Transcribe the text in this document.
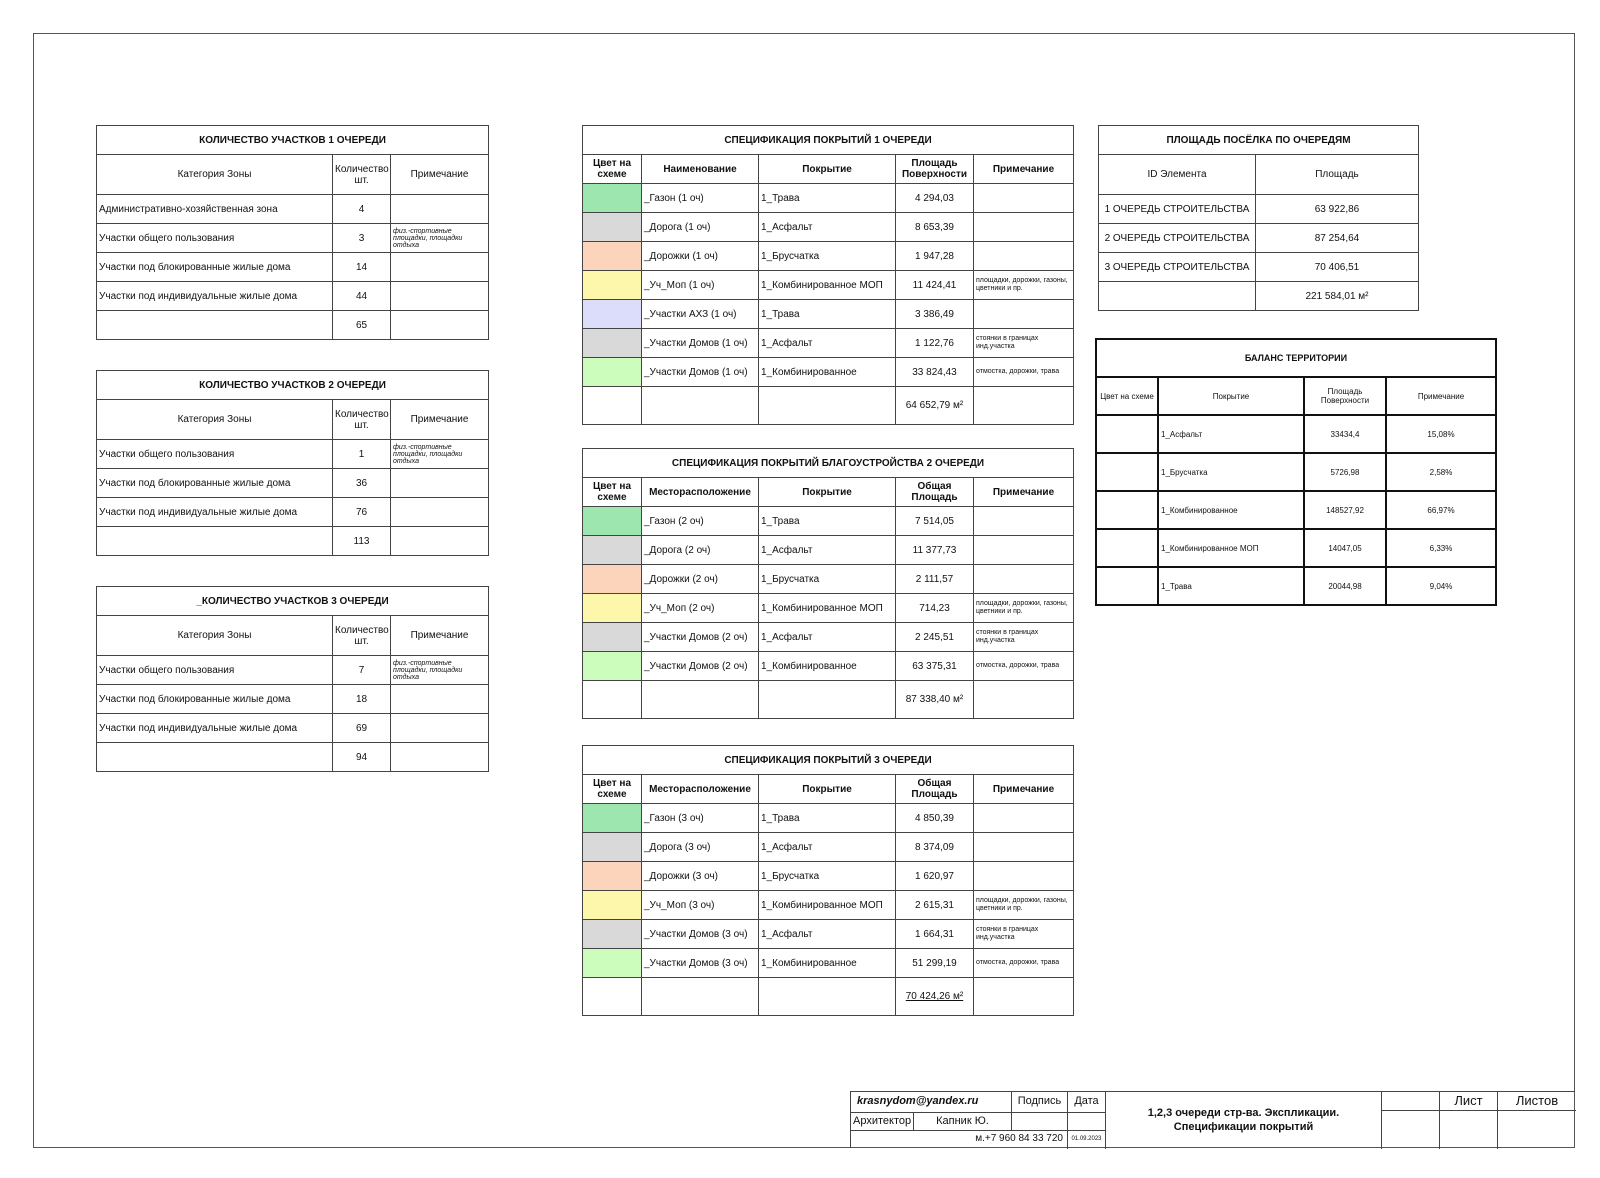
КОЛИЧЕСТВО УЧАСТКОВ 1 ОЧЕРЕДИ		
Категория Зоны	Количество шт.	Примечание
Административно-хозяйственная зона	4	
Участки общего пользования	3	физ.-спортивные площадки, площадки отдыха
Участки под блокированные жилые дома	14	
Участки под индивидуальные жилые дома	44	
	65	
КОЛИЧЕСТВО УЧАСТКОВ 2 ОЧЕРЕДИ		
Категория Зоны	Количество шт.	Примечание
Участки общего пользования	1	физ.-спортивные площадки, площадки отдыха
Участки под блокированные жилые дома	36	
Участки под индивидуальные жилые дома	76	
	113	
_КОЛИЧЕСТВО УЧАСТКОВ 3 ОЧЕРЕДИ		
Категория Зоны	Количество шт.	Примечание
Участки общего пользования	7	физ.-спортивные площадки, площадки отдыха
Участки под блокированные жилые дома	18	
Участки под индивидуальные жилые дома	69	
	94	
СПЕЦИФИКАЦИЯ ПОКРЫТИЙ 1 ОЧЕРЕДИ				
Цвет на схеме	Наименование	Покрытие	Площадь Поверхности	Примечание
	_Газон (1 оч)	1_Трава	4 294,03	
	_Дорога (1 оч)	1_Асфальт	8 653,39	
	_Дорожки (1 оч)	1_Брусчатка	1 947,28	
	_Уч_Моп (1 оч)	1_Комбинированное МОП	11 424,41	площадки, дорожки, газоны, цветники и пр.
	_Участки АХЗ (1 оч)	1_Трава	3 386,49	
	_Участки Домов (1 оч)	1_Асфальт	1 122,76	стоянки в границах инд.участка
	_Участки Домов (1 оч)	1_Комбинированное	33 824,43	отмостка, дорожки, трава
			64 652,79 м²	
СПЕЦИФИКАЦИЯ ПОКРЫТИЙ БЛАГОУСТРОЙСТВА 2 ОЧЕРЕДИ				
Цвет на схеме	Месторасположение	Покрытие	Общая Площадь	Примечание
	_Газон (2 оч)	1_Трава	7 514,05	
	_Дорога (2 оч)	1_Асфальт	11 377,73	
	_Дорожки (2 оч)	1_Брусчатка	2 111,57	
	_Уч_Моп (2 оч)	1_Комбинированное МОП	714,23	площадки, дорожки, газоны, цветники и пр.
	_Участки Домов (2 оч)	1_Асфальт	2 245,51	стоянки в границах инд.участка
	_Участки Домов (2 оч)	1_Комбинированное	63 375,31	отмостка, дорожки, трава
			87 338,40 м²	
СПЕЦИФИКАЦИЯ ПОКРЫТИЙ 3 ОЧЕРЕДИ				
Цвет на схеме	Месторасположение	Покрытие	Общая Площадь	Примечание
	_Газон (3 оч)	1_Трава	4 850,39	
	_Дорога (3 оч)	1_Асфальт	8 374,09	
	_Дорожки (3 оч)	1_Брусчатка	1 620,97	
	_Уч_Моп (3 оч)	1_Комбинированное МОП	2 615,31	площадки, дорожки, газоны, цветники и пр.
	_Участки Домов (3 оч)	1_Асфальт	1 664,31	стоянки в границах инд.участка
	_Участки Домов (3 оч)	1_Комбинированное	51 299,19	отмостка, дорожки, трава
			70 424,26 м²	
ПЛОЩАДЬ ПОСЁЛКА ПО ОЧЕРЕДЯМ	
ID Элемента	Площадь
1 ОЧЕРЕДЬ СТРОИТЕЛЬСТВА	63 922,86
2 ОЧЕРЕДЬ СТРОИТЕЛЬСТВА	87 254,64
3 ОЧЕРЕДЬ СТРОИТЕЛЬСТВА	70 406,51
	221 584,01 м²
БАЛАНС ТЕРРИТОРИИ			
Цвет на схеме	Покрытие	Площадь Поверхности	Примечание
	1_Асфальт	33434,4	15,08%
	1_Брусчатка	5726,98	2,58%
	1_Комбинированное	148527,92	66,97%
	1_Комбинированное МОП	14047,05	6,33%
	1_Трава	20044,98	9,04%
krasnydom@yandex.ru	Подпись	Дата
Архитектор	Капник Ю.
м.+7 960 84 33 720	01.09.2023
1,2,3 очереди стр-ва. Экспликации.
Спецификации покрытий
Лист	Листов
